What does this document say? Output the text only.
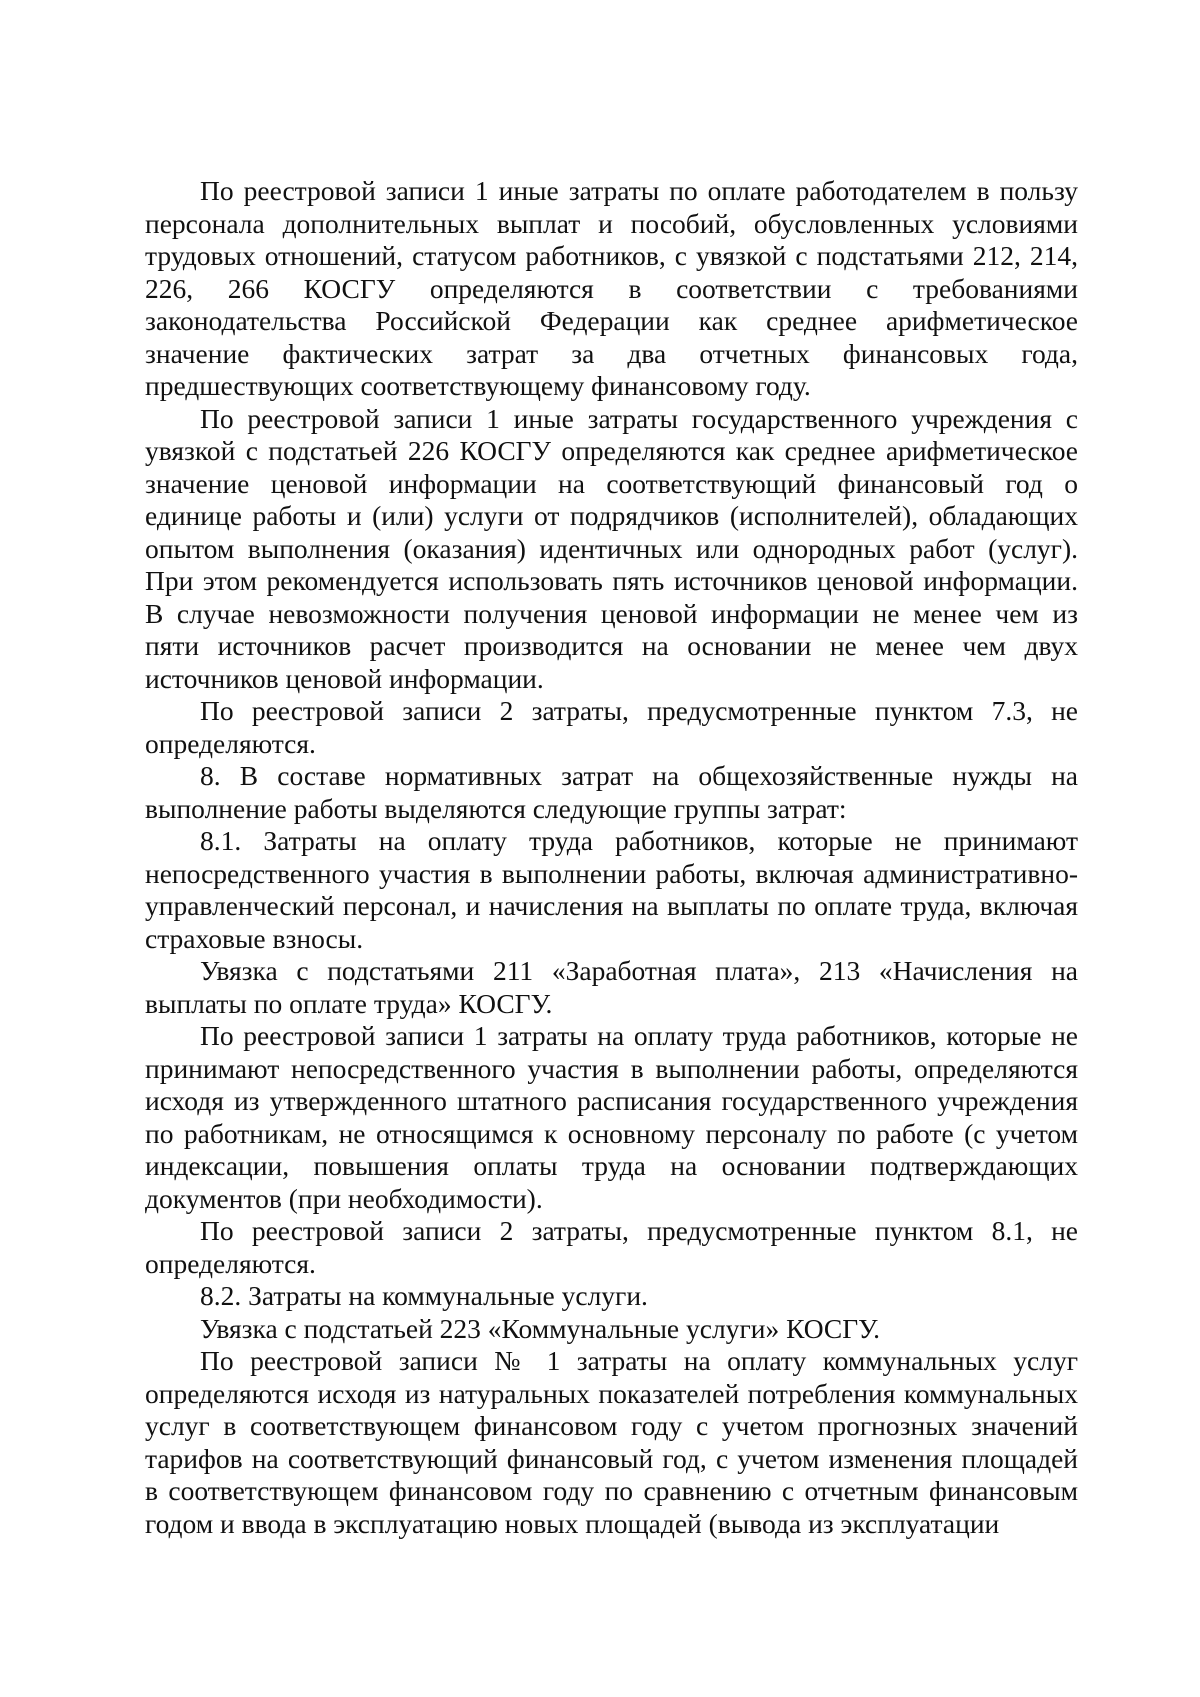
По реестровой записи 1 иные затраты по оплате работодателем в пользу персонала дополнительных выплат и пособий, обусловленных условиями трудовых отношений, статусом работников, с увязкой с подстатьями 212, 214, 226, 266 КОСГУ определяются в соответствии с требованиями законодательства Российской Федерации как среднее арифметическое значение фактических затрат за два отчетных финансовых года, предшествующих соответствующему финансовому году.

По реестровой записи 1 иные затраты государственного учреждения с увязкой с подстатьей 226 КОСГУ определяются как среднее арифметическое значение ценовой информации на соответствующий финансовый год о единице работы и (или) услуги от подрядчиков (исполнителей), обладающих опытом выполнения (оказания) идентичных или однородных работ (услуг). При этом рекомендуется использовать пять источников ценовой информации. В случае невозможности получения ценовой информации не менее чем из пяти источников расчет производится на основании не менее чем двух источников ценовой информации.

По реестровой записи 2 затраты, предусмотренные пунктом 7.3, не определяются.

8. В составе нормативных затрат на общехозяйственные нужды на выполнение работы выделяются следующие группы затрат:

8.1. Затраты на оплату труда работников, которые не принимают непосредственного участия в выполнении работы, включая административно-управленческий персонал, и начисления на выплаты по оплате труда, включая страховые взносы.

Увязка с подстатьями 211 «Заработная плата», 213 «Начисления на выплаты по оплате труда» КОСГУ.

По реестровой записи 1 затраты на оплату труда работников, которые не принимают непосредственного участия в выполнении работы, определяются исходя из утвержденного штатного расписания государственного учреждения по работникам, не относящимся к основному персоналу по работе (с учетом индексации, повышения оплаты труда на основании подтверждающих документов (при необходимости).

По реестровой записи 2 затраты, предусмотренные пунктом 8.1, не определяются.

8.2. Затраты на коммунальные услуги.

Увязка с подстатьей 223 «Коммунальные услуги» КОСГУ.

По реестровой записи № 1 затраты на оплату коммунальных услуг определяются исходя из натуральных показателей потребления коммунальных услуг в соответствующем финансовом году с учетом прогнозных значений тарифов на соответствующий финансовый год, с учетом изменения площадей в соответствующем финансовом году по сравнению с отчетным финансовым годом и ввода в эксплуатацию новых площадей (вывода из эксплуатации
